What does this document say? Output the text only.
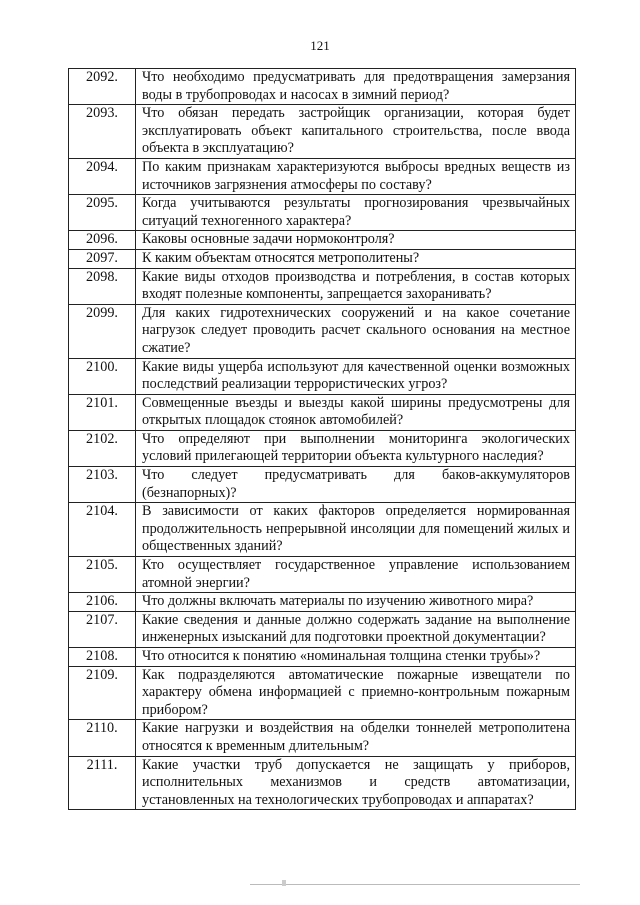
121
2092.	Что необходимо предусматривать для предотвращения замерзания воды в трубопроводах и насосах в зимний период?
2093.	Что обязан передать застройщик организации, которая будет эксплуатировать объект капитального строительства, после ввода объекта в эксплуатацию?
2094.	По каким признакам характеризуются выбросы вредных веществ из источников загрязнения атмосферы по составу?
2095.	Когда учитываются результаты прогнозирования чрезвычайных ситуаций техногенного характера?
2096.	Каковы основные задачи нормоконтроля?
2097.	К каким объектам относятся метрополитены?
2098.	Какие виды отходов производства и потребления, в состав которых входят полезные компоненты, запрещается захоранивать?
2099.	Для каких гидротехнических сооружений и на какое сочетание нагрузок следует проводить расчет скального основания на местное сжатие?
2100.	Какие виды ущерба используют для качественной оценки возможных последствий реализации террористических угроз?
2101.	Совмещенные въезды и выезды какой ширины предусмотрены для открытых площадок стоянок автомобилей?
2102.	Что определяют при выполнении мониторинга экологических условий прилегающей территории объекта культурного наследия?
2103.	Что следует предусматривать для баков-аккумуляторов (безнапорных)?
2104.	В зависимости от каких факторов определяется нормированная продолжительность непрерывной инсоляции для помещений жилых и общественных зданий?
2105.	Кто осуществляет государственное управление использованием атомной энергии?
2106.	Что должны включать материалы по изучению животного мира?
2107.	Какие сведения и данные должно содержать задание на выполнение инженерных изысканий для подготовки проектной документации?
2108.	Что относится к понятию «номинальная толщина стенки трубы»?
2109.	Как подразделяются автоматические пожарные извещатели по характеру обмена информацией с приемно-контрольным пожарным прибором?
2110.	Какие нагрузки и воздействия на обделки тоннелей метрополитена относятся к временным длительным?
2111.	Какие участки труб допускается не защищать у приборов, исполнительных механизмов и средств автоматизации, установленных на технологических трубопроводах и аппаратах?
